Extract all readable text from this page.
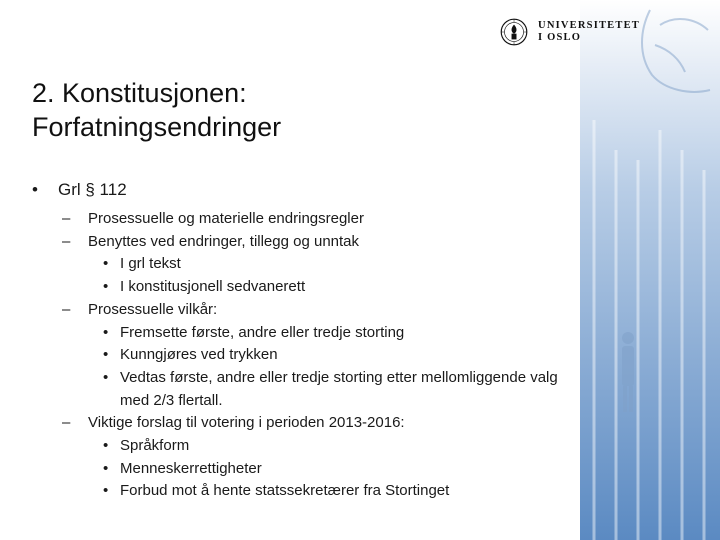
UNIVERSITETET
I OSLO
2. Konstitusjonen:
Forfatningsendringer
•	Grl § 112
–	Prosessuelle og materielle endringsregler
–	Benyttes ved endringer, tillegg og unntak
• I grl tekst
• I konstitusjonell sedvanerett
–	Prosessuelle vilkår:
• Fremsette første, andre eller tredje storting
• Kunngjøres ved trykken
• Vedtas første, andre eller tredje storting etter mellomliggende valg med 2/3 flertall.
–	Viktige forslag til votering i perioden 2013-2016:
• Språkform
• Menneskerrettigheter
• Forbud mot å hente statssekretærer fra Stortinget
